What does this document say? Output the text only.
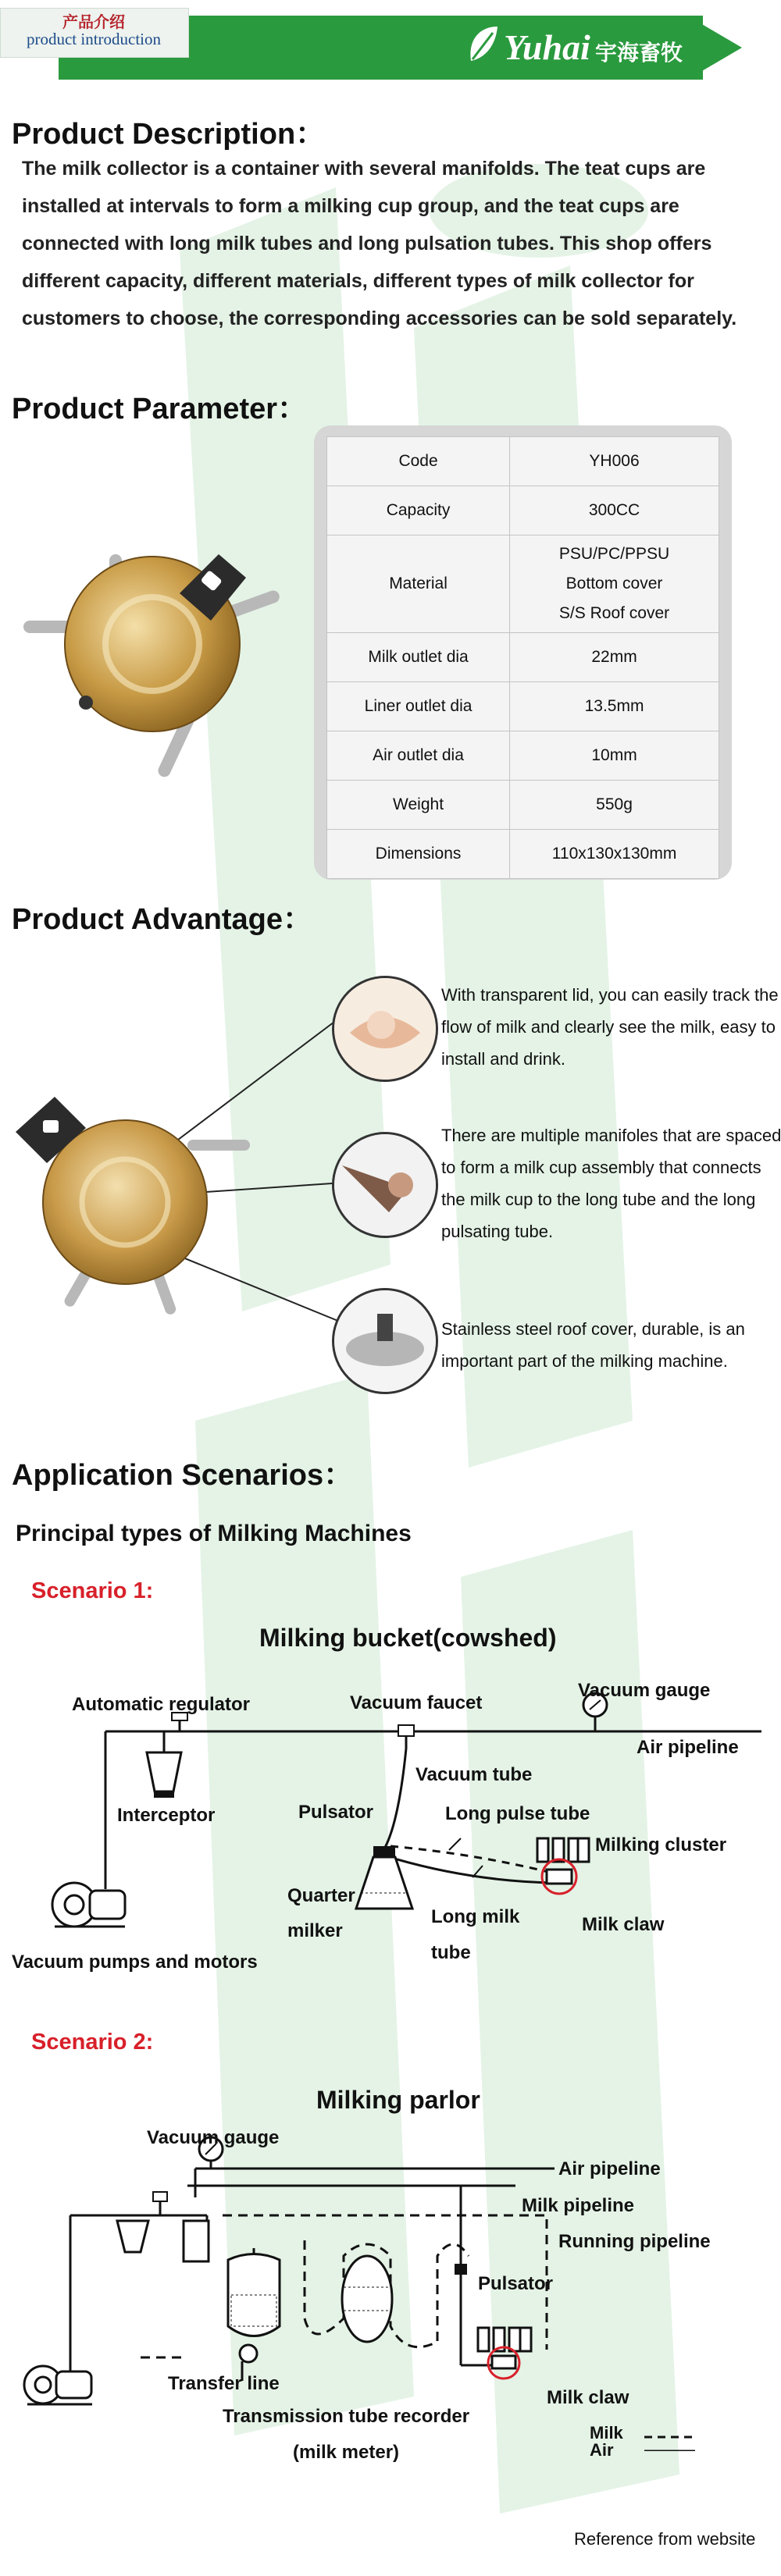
产品介绍
product introduction	Yuhai 宇海畜牧
Product Description：
The milk collector is a container with several manifolds. The teat cups are installed at intervals to form a milking cup group, and the teat cups are connected with long milk tubes and long pulsation tubes. This shop offers different capacity, different materials, different types of milk collector for customers to choose, the corresponding accessories can be sold separately.
Product Parameter：
Code	YH006
Capacity	300CC
Material	PSU/PC/PPSU
Bottom cover
S/S Roof cover

Milk outlet dia	22mm
Liner outlet dia	13.5mm
Air outlet dia	10mm
Weight	550g
Dimensions	110x130x130mm
Product Advantage：
With transparent lid, you can easily track the flow of milk and clearly see the milk, easy to install and drink.
There are multiple manifoles that are spaced to form a milk cup assembly that connects the milk cup to the long tube and the long pulsating tube.
Stainless steel roof cover, durable, is an important part of the milking machine.
Application Scenarios：
Principal types of Milking Machines
Scenario 1:
Milking bucket(cowshed)
Automatic regulator	Vacuum faucet
Vacuum gauge
Air pipeline
Interceptor
Vacuum tube
Pulsator	Long pulse tube
Milking cluster
Quarter
milker
Long milk
tube
Milk claw
Vacuum pumps and motors
Scenario 2:
Milking parlor
Vacuum gauge
Air pipeline
Milk pipeline
Running pipeline
Pulsator
Transfer line
Milk claw
Transmission tube recorder
(milk meter)
Milk
Air
Reference from website
